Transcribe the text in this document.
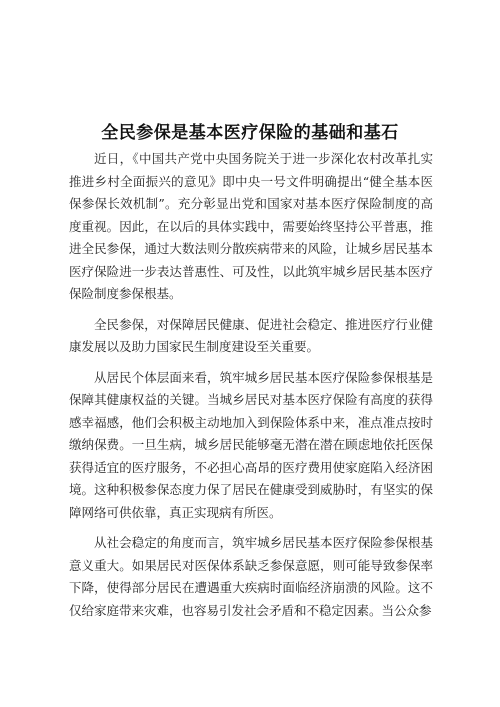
全民参保是基本医疗保险的基础和基石

近日，《中国共产党中央国务院关于进一步深化农村改革扎实推进乡村全面振兴的意见》即中央一号文件明确提出“健全基本医保参保长效机制”。充分彰显出党和国家对基本医疗保险制度的高度重视。因此，在以后的具体实践中，需要始终坚持公平普惠，推进全民参保，通过大数法则分散疾病带来的风险，让城乡居民基本医疗保险进一步表达普惠性、可及性，以此筑牢城乡居民基本医疗保险制度参保根基。

全民参保，对保障居民健康、促进社会稳定、推进医疗行业健康发展以及助力国家民生制度建设至关重要。

从居民个体层面来看，筑牢城乡居民基本医疗保险参保根基是保障其健康权益的关键。当城乡居民对基本医疗保险有高度的获得感幸福感，他们会积极主动地加入到保险体系中来，准点准点按时缴纳保费。一旦生病，城乡居民能够毫无潜在潜在顾虑地依托医保获得适宜的医疗服务，不必担心高昂的医疗费用使家庭陷入经济困境。这种积极参保态度力保了居民在健康受到威胁时，有坚实的保障网络可供依靠，真正实现病有所医。

从社会稳定的角度而言，筑牢城乡居民基本医疗保险参保根基意义重大。如果居民对医保体系缺乏参保意愿，则可能导致参保率下降，使得部分居民在遭遇重大疾病时面临经济崩溃的风险。这不仅给家庭带来灾难，也容易引发社会矛盾和不稳定因素。当公众参
